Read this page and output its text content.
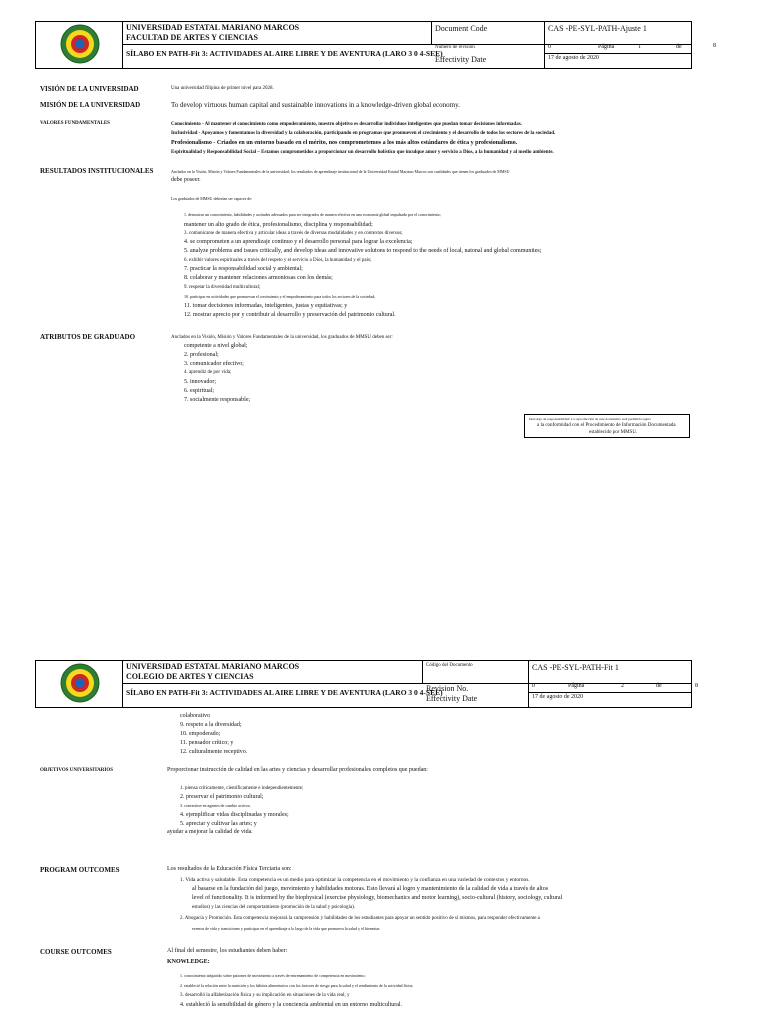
UNIVERSIDAD ESTATAL MARIANO MARCOS
FACULTAD DE ARTES Y CIENCIAS
SÍLABO EN PATH-Fit 3: ACTIVIDADES AL AIRE LIBRE Y DE AVENTURA (LARO 3 0 4-SEE)
Document Code	CAS -PE-SYL-PATH-Ajuste 1
Número de revisión
Effectivity Date
0	Página	1	de
17 de agosto de 2020
8
VISIÓN DE LA UNIVERSIDAD	Una universidad filipina de primer nivel para 2028.
MISIÓN DE LA UNIVERSIDAD	To develop virtuous human capital and sustainable innovations in a knowledge-driven global economy.
VALORES FUNDAMENTALES	Conocimiento - Al mantener el conocimiento como empoderamiento, nuestro objetivo es desarrollar individuos inteligentes que puedan tomar decisiones informadas.
Inclusividad - Apoyamos y fomentamos la diversidad y la colaboración, participando en programas que promueven el crecimiento y el desarrollo de todos los sectores de la sociedad.
Profesionalismo - Criados en un entorno basado en el mérito, nos comprometemos a los más altos estándares de ética y profesionalismo.
Espiritualidad y Responsabilidad Social – Estamos comprometidos a proporcionar un desarrollo holístico que inculque amor y servicio a Dios, a la humanidad y al medio ambiente.
RESULTADOS INSTITUCIONALES	Anclados en la Visión, Misión y Valores Fundamentales de la universidad, los resultados de aprendizaje institucional de la Universidad Estatal Mariano Marcos son cualidades que tienen los graduados de MMSU
debe poseer.
Los graduados de MMSU deberían ser capaces de:
1. demostrar un conocimiento, habilidades y actitudes adecuados para ser integrados de manera efectiva en una economía global impulsada por el conocimiento;
mantener un alto grado de ética, profesionalismo, disciplina y responsabilidad;
3. comunicarse de manera efectiva y articular ideas a través de diversas modalidades y en contextos diversos;
4. se comprometen a un aprendizaje continuo y el desarrollo personal para lograr la excelencia;
5. analyze problems and issues critically, and develop ideas and innovative solutons to respond to the needs of local, natonal and global communites;
6. exhibir valores espirituales a través del respeto y el servicio a Dios, la humanidad y el país;
7. practicar la responsabilidad social y ambiental;
8. colaborar y mantener relaciones armoniosas con los demás;
9. respetar la diversidad multicultural;
10. participar en actividades que promuevan el crecimiento y el empoderamiento para todos los sectores de la sociedad;
11. tomar decisiones informadas, inteligentes, justas y equitativas; y
12. mostrar aprecio por y contribuir al desarrollo y preservación del patrimonio cultural.
ATRIBUTOS DE GRADUADO	Anclados en la Visión, Misión y Valores Fundamentales de la universidad, los graduados de MMSU deben ser:
competente a nivel global;
2. profesional;
3. comunicador efectivo;
4. aprendiz de por vida;
5. innovador;
6. espiritual;
7. socialmente responsable;
Descargo de responsabilidad: La reproducción de este documento está permitida sujeta
a la conformidad con el Procedimiento de Información Documentada
establecido por MMSU.
UNIVERSIDAD ESTATAL MARIANO MARCOS
COLEGIO DE ARTES Y CIENCIAS
SÍLABO EN PATH-Fit 3: ACTIVIDADES AL AIRE LIBRE Y DE AVENTURA (LARO 3 0 4-SEE)
Código del Documento	CAS -PE-SYL-PATH-Fit 1
Revision No.
Effectivity Date
0	Página	2	de
17 de agosto de 2020
8
colaborativo
9. respeto a la diversidad;
10. empoderado;
11. pensador crítico; y
12. culturalmente receptivo.
OBJETIVOS UNIVERSITARIOS	Proporcionar instrucción de calidad en las artes y ciencias y desarrollar profesionales completos que puedan:
1. piensa críticamente, científicamente e independientemente;
2. preservar el patrimonio cultural;
3. convertirse en agentes de cambio activos;
4. ejemplificar vidas disciplinadas y morales;
5. apreciar y cultivar las artes; y
ayudar a mejorar la calidad de vida.
PROGRAM OUTCOMES	Los resultados de la Educación Física Terciaria son:
1. Vida activa y saludable. Esta competencia es un medio para optimizar la competencia en el movimiento y la confianza en una variedad de contextos y entornos.
al basarse en la fundación del juego, movimiento y habilidades motoras. Esto llevará al logro y mantenimiento de la calidad de vida a través de altos
level of functionality. It is informed by the biophysical (exercise physiology, biomechanics and motor learning), socio-cultural (history, sociology, cultural
estudios) y las ciencias del comportamiento (promoción de la salud y psicología).
2. Abogacía y Promoción. Esta competencia mejorará la comprensión y habilidades de los estudiantes para apoyar un sentido positivo de sí mismos, para responder efectivamente a
eventos de vida y transiciones y participar en el aprendizaje a lo largo de la vida que promueva la salud y el bienestar.
COURSE OUTCOMES	Al final del semestre, los estudiantes deben haber:
KNOWLEDGE:
1. conocimiento adquirido sobre patrones de movimiento a través de entrenamiento de competencia en movimiento;
2. estableció la relación entre la nutrición y los hábitos alimentarios con los factores de riesgo para la salud y el rendimiento de la actividad física;
3. desarrolló la alfabetización física y su implicación en situaciones de la vida real; y
4. estableció la sensibilidad de género y la conciencia ambiental en un entorno multicultural.
